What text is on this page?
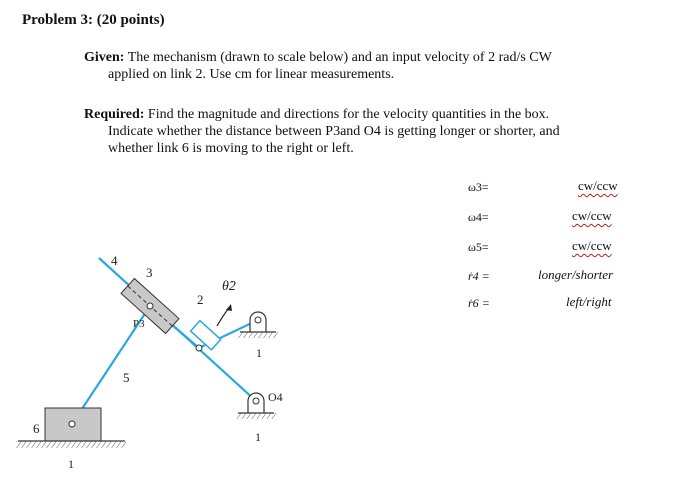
Problem 3: (20 points)
Given: The mechanism (drawn to scale below) and an input velocity of 2 rad/s CW
applied on link 2. Use cm for linear measurements.
Required: Find the magnitude and directions for the velocity quantities in the box.
Indicate whether the distance between P3and O4 is getting longer or shorter, and
whether link 6 is moving to the right or left.
ω3=	cw/ccw
ω4=	cw/ccw
ω5=	cw/ccw
ṙ4 =	longer/shorter
ṙ6 =	left/right
4
3
2
θ̇2
P3
5
1
O4
1
6
1
